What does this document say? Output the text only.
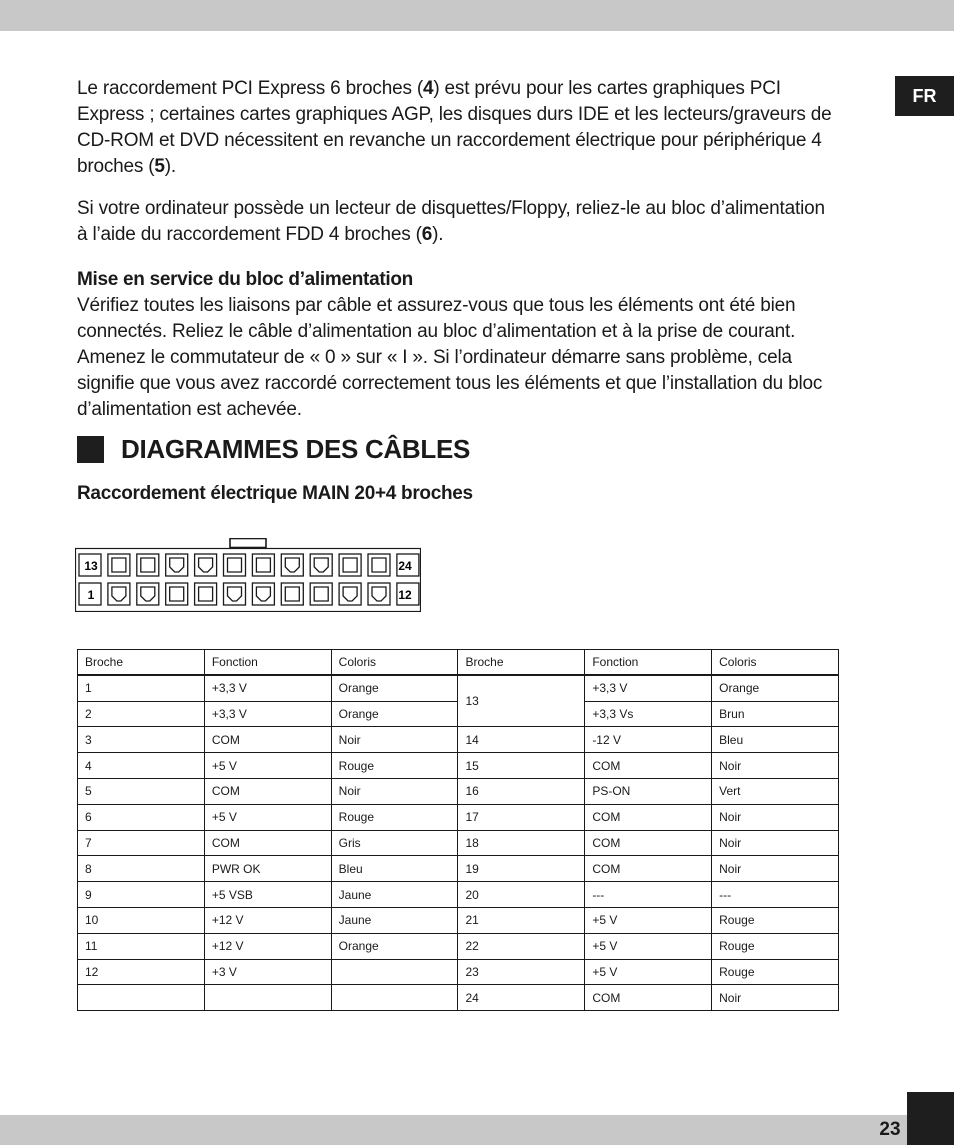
FR

Le raccordement PCI Express 6 broches (4) est prévu pour les cartes graphiques PCI Express ; certaines cartes graphiques AGP, les disques durs IDE et les lecteurs/graveurs de CD-ROM et DVD nécessitent en revanche un raccordement électrique pour périphérique 4 broches (5).

Si votre ordinateur possède un lecteur de disquettes/Floppy, reliez-le au bloc d’alimentation à l’aide du raccordement FDD 4 broches (6).

Mise en service du bloc d’alimentation

Vérifiez toutes les liaisons par câble et assurez-vous que tous les éléments ont été bien connectés. Reliez le câble d’alimentation au bloc d’alimentation et à la prise de courant. Amenez le commutateur de « 0 » sur « I ». Si l’ordinateur démarre sans problème, cela signifie que vous avez raccordé correctement tous les éléments et que l’installation du bloc d’alimentation est achevée.

DIAGRAMMES DES CÂBLES
Raccordement électrique MAIN 20+4 broches
13	24
1	12
Broche	Fonction	Coloris	Broche	Fonction	Coloris
1	+3,3 V	Orange	13	+3,3 V	Orange
2	+3,3 V	Orange		+3,3 Vs	Brun
3	COM	Noir	14	-12 V	Bleu
4	+5 V	Rouge	15	COM	Noir
5	COM	Noir	16	PS-ON	Vert
6	+5 V	Rouge	17	COM	Noir
7	COM	Gris	18	COM	Noir
8	PWR OK	Bleu	19	COM	Noir
9	+5 VSB	Jaune	20	---	---
10	+12 V	Jaune	21	+5 V	Rouge
11	+12 V	Orange	22	+5 V	Rouge
12	+3 V		23	+5 V	Rouge
			24	COM	Noir
23
